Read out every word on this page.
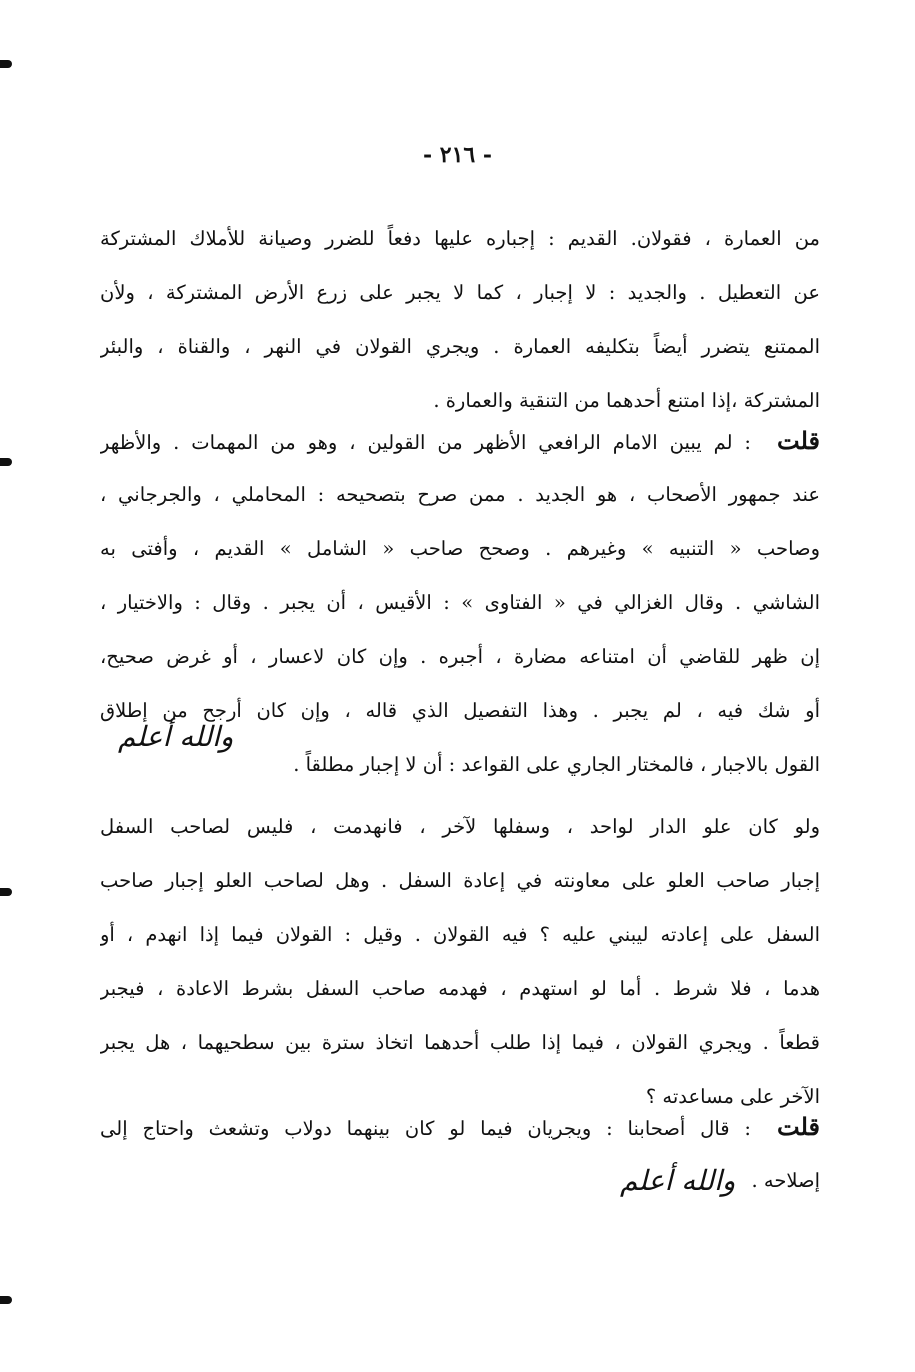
- ٢١٦ -
من العمارة ، فقولان. القديم : إجباره عليها دفعاً للضرر وصيانة للأملاك المشتركة
عن التعطيل . والجديد : لا إجبار ، كما لا يجبر على زرع الأرض المشتركة ، ولأن
الممتنع يتضرر أيضاً بتكليفه العمارة . ويجري القولان في النهر ، والقناة ، والبئر
المشتركة ،إذا امتنع أحدهما من التنقية والعمارة .
قلت: لم يبين الامام الرافعي الأظهر من القولين ، وهو من المهمات . والأظهر
عند جمهور الأصحاب ، هو الجديد . ممن صرح بتصحيحه : المحاملي ، والجرجاني ،
وصاحب « التنبيه » وغيرهم . وصحح صاحب « الشامل » القديم ، وأفتى به
الشاشي . وقال الغزالي في « الفتاوى » : الأقيس ، أن يجبر . وقال : والاختيار ،
إن ظهر للقاضي أن امتناعه مضارة ، أجبره . وإن كان لاعسار ، أو غرض صحيح،
أو شك فيه ، لم يجبر . وهذا التفصيل الذي قاله ، وإن كان أرجح من إطلاق
القول بالاجبار ، فالمختار الجاري على القواعد : أن لا إجبار مطلقاً .
والله أعلم
ولو كان علو الدار لواحد ، وسفلها لآخر ، فانهدمت ، فليس لصاحب السفل
إجبار صاحب العلو على معاونته في إعادة السفل . وهل لصاحب العلو إجبار صاحب
السفل على إعادته ليبني عليه ؟ فيه القولان . وقيل : القولان فيما إذا انهدم ، أو
هدما ، فلا شرط . أما لو استهدم ، فهدمه صاحب السفل بشرط الاعادة ، فيجبر
قطعاً . ويجري القولان ، فيما إذا طلب أحدهما اتخاذ سترة بين سطحيهما ، هل يجبر
الآخر على مساعدته ؟
قلت: قال أصحابنا : ويجريان فيما لو كان بينهما دولاب وتشعث واحتاج إلى
إصلاحه .
والله أعلم
